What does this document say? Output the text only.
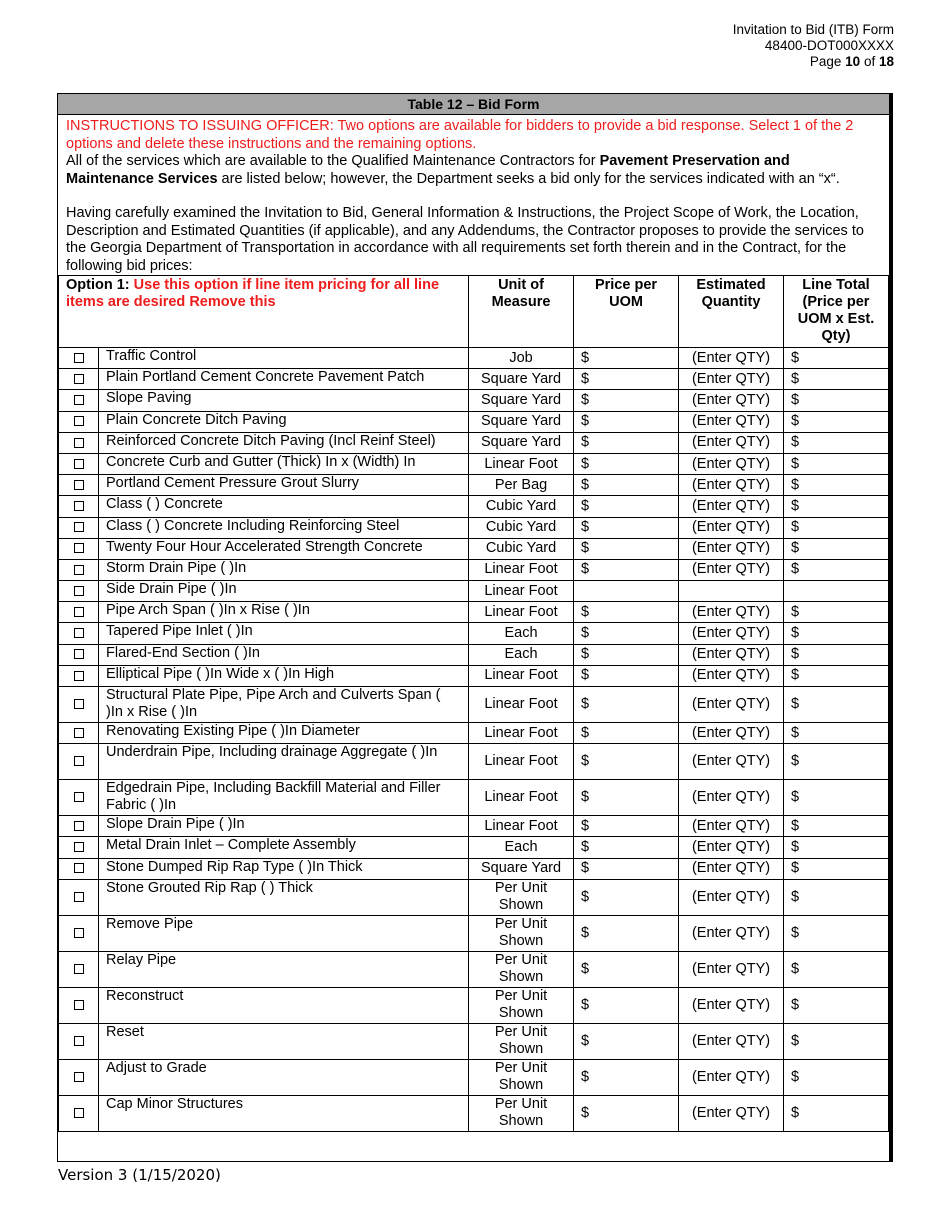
Invitation to Bid (ITB) Form
48400-DOT000XXXX
Page 10 of 18
Table 12 – Bid Form
INSTRUCTIONS TO ISSUING OFFICER: Two options are available for bidders to provide a bid response. Select 1 of the 2 options and delete these instructions and the remaining options.
All of the services which are available to the Qualified Maintenance Contractors for Pavement Preservation and Maintenance Services are listed below; however, the Department seeks a bid only for the services indicated with an “x“.
Having carefully examined the Invitation to Bid, General Information & Instructions, the Project Scope of Work, the Location, Description and Estimated Quantities (if applicable), and any Addendums, the Contractor proposes to provide the services to the Georgia Department of Transportation in accordance with all requirements set forth therein and in the Contract, for the following bid prices:
Option 1: Use this option if line item pricing for all line items are desired Remove this		Unit of Measure	Price per UOM	Estimated Quantity	Line Total (Price per UOM x Est. Qty)
	Traffic Control	Job	$	(Enter QTY)	$
	Plain Portland Cement Concrete Pavement Patch	Square Yard	$	(Enter QTY)	$
	Slope Paving	Square Yard	$	(Enter QTY)	$
	Plain Concrete Ditch Paving	Square Yard	$	(Enter QTY)	$
	Reinforced Concrete Ditch Paving (Incl Reinf Steel)	Square Yard	$	(Enter QTY)	$
	Concrete Curb and Gutter (Thick) In x (Width) In	Linear Foot	$	(Enter QTY)	$
	Portland Cement Pressure Grout Slurry	Per Bag	$	(Enter QTY)	$
	Class ( ) Concrete	Cubic Yard	$	(Enter QTY)	$
	Class ( ) Concrete Including Reinforcing Steel	Cubic Yard	$	(Enter QTY)	$
	Twenty Four Hour Accelerated Strength Concrete	Cubic Yard	$	(Enter QTY)	$
	Storm Drain Pipe ( )In	Linear Foot	$	(Enter QTY)	$
	Side Drain Pipe ( )In	Linear Foot			
	Pipe Arch Span ( )In x Rise ( )In	Linear Foot	$	(Enter QTY)	$
	Tapered Pipe Inlet ( )In	Each	$	(Enter QTY)	$
	Flared-End Section ( )In	Each	$	(Enter QTY)	$
	Elliptical Pipe ( )In Wide x ( )In High	Linear Foot	$	(Enter QTY)	$
	Structural Plate Pipe, Pipe Arch and Culverts Span ( )In x Rise ( )In	Linear Foot	$	(Enter QTY)	$
	Renovating Existing Pipe ( )In Diameter	Linear Foot	$	(Enter QTY)	$
	Underdrain Pipe, Including drainage Aggregate ( )In	Linear Foot	$	(Enter QTY)	$
	Edgedrain Pipe, Including Backfill Material and Filler Fabric ( )In	Linear Foot	$	(Enter QTY)	$
	Slope Drain Pipe ( )In	Linear Foot	$	(Enter QTY)	$
	Metal Drain Inlet – Complete Assembly	Each	$	(Enter QTY)	$
	Stone Dumped Rip Rap Type ( )In Thick	Square Yard	$	(Enter QTY)	$
	Stone Grouted Rip Rap ( ) Thick	Per Unit Shown	$	(Enter QTY)	$
	Remove Pipe	Per Unit Shown	$	(Enter QTY)	$
	Relay Pipe	Per Unit Shown	$	(Enter QTY)	$
	Reconstruct	Per Unit Shown	$	(Enter QTY)	$
	Reset	Per Unit Shown	$	(Enter QTY)	$
	Adjust to Grade	Per Unit Shown	$	(Enter QTY)	$
	Cap Minor Structures	Per Unit Shown	$	(Enter QTY)	$
Version 3 (1/15/2020)
